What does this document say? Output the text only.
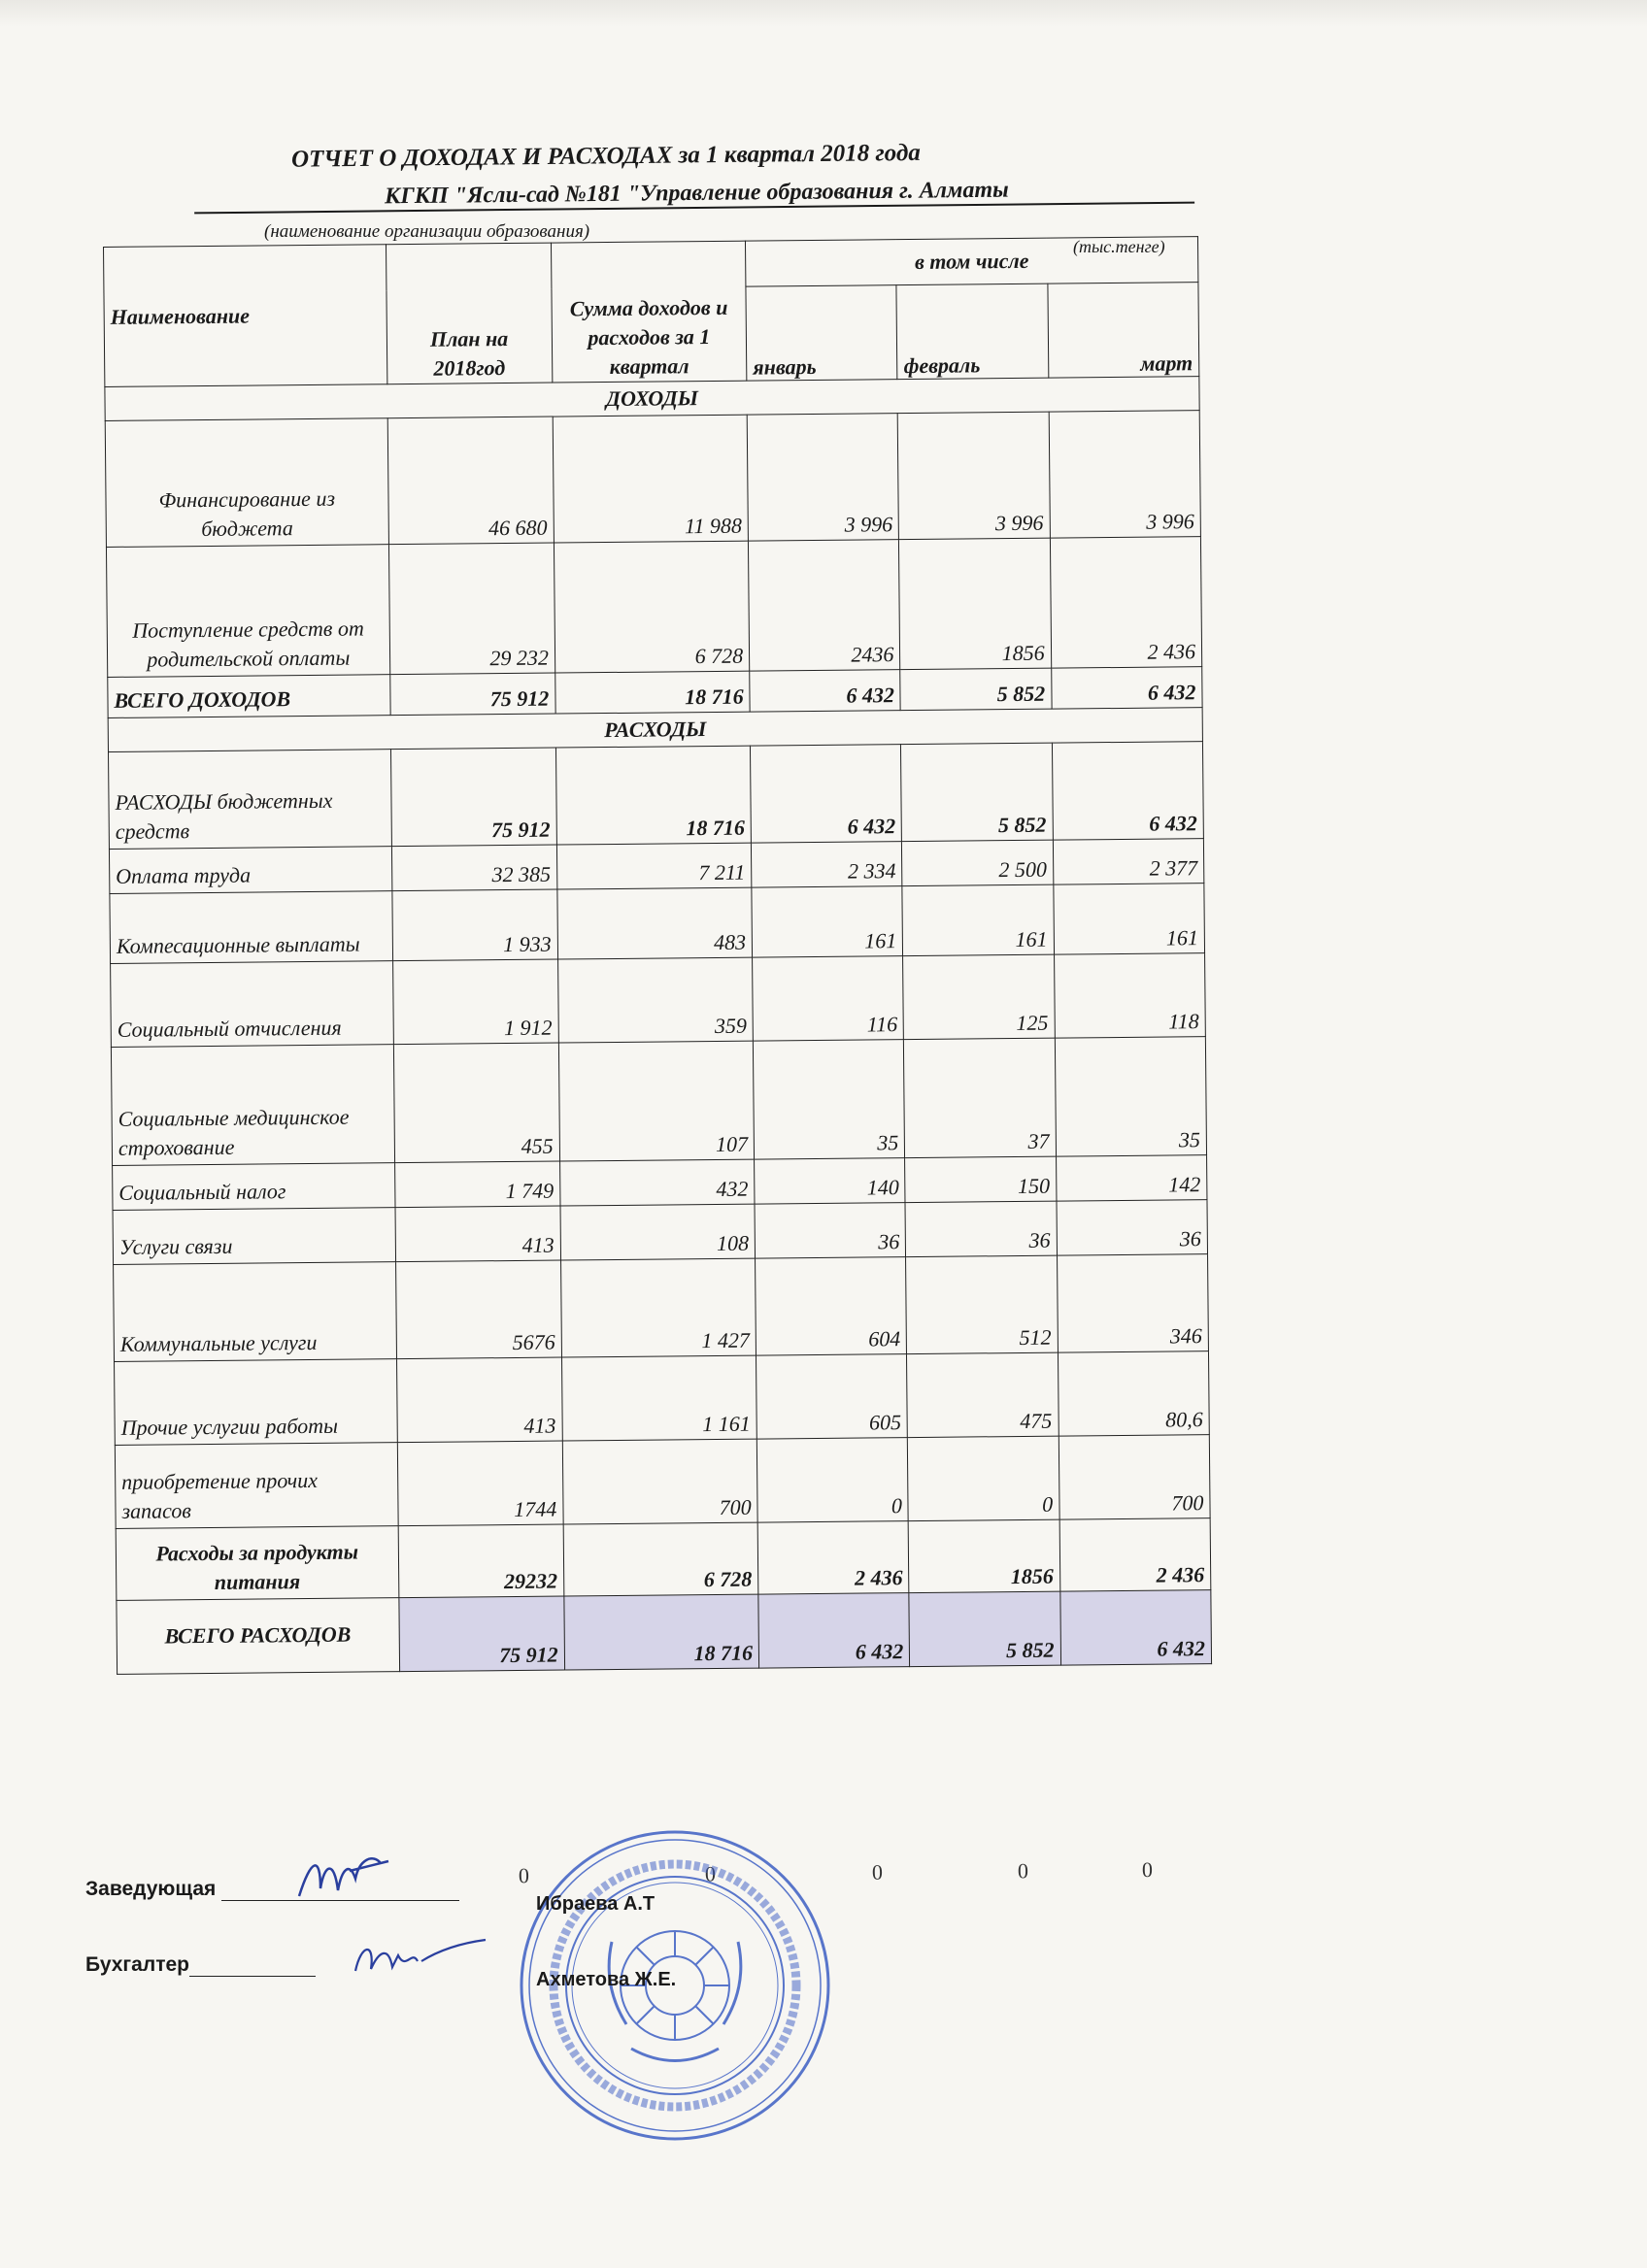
ОТЧЕТ О ДОХОДАХ И РАСХОДАХ за 1 квартал 2018 года
КГКП "Ясли-сад №181 "Управление образования г. Алматы
(наименование организации образования)
(тыс.тенге)
Наименование	План на 2018год	Сумма доходов и расходов за 1 квартал	в том числе		
			январь	февраль	март
ДОХОДЫ					
Финансирование из бюджета	46 680	11 988	3 996	3 996	3 996
Поступление средств от родительской оплаты	29 232	6 728	2436	1856	2 436
ВСЕГО ДОХОДОВ	75 912	18 716	6 432	5 852	6 432
РАСХОДЫ					
РАСХОДЫ бюджетных средств	75 912	18 716	6 432	5 852	6 432
Оплата труда	32 385	7 211	2 334	2 500	2 377
Компесационные выплаты	1 933	483	161	161	161
Социальный отчисления	1 912	359	116	125	118
Социальные медицинское строхование	455	107	35	37	35
Социальный налог	1 749	432	140	150	142
Услуги связи	413	108	36	36	36
Коммунальные услуги	5676	1 427	604	512	346
Прочие услугии работы	413	1 161	605	475	80,6
приобретение прочих запасов	1744	700	0	0	700
Расходы за продукты питания	29232	6 728	2 436	1856	2 436
ВСЕГО РАСХОДОВ	75 912	18 716	6 432	5 852	6 432
0	0	0	0	0
Заведующая
Ибраева А.Т
Бухгалтер
Ахметова Ж.Е.
